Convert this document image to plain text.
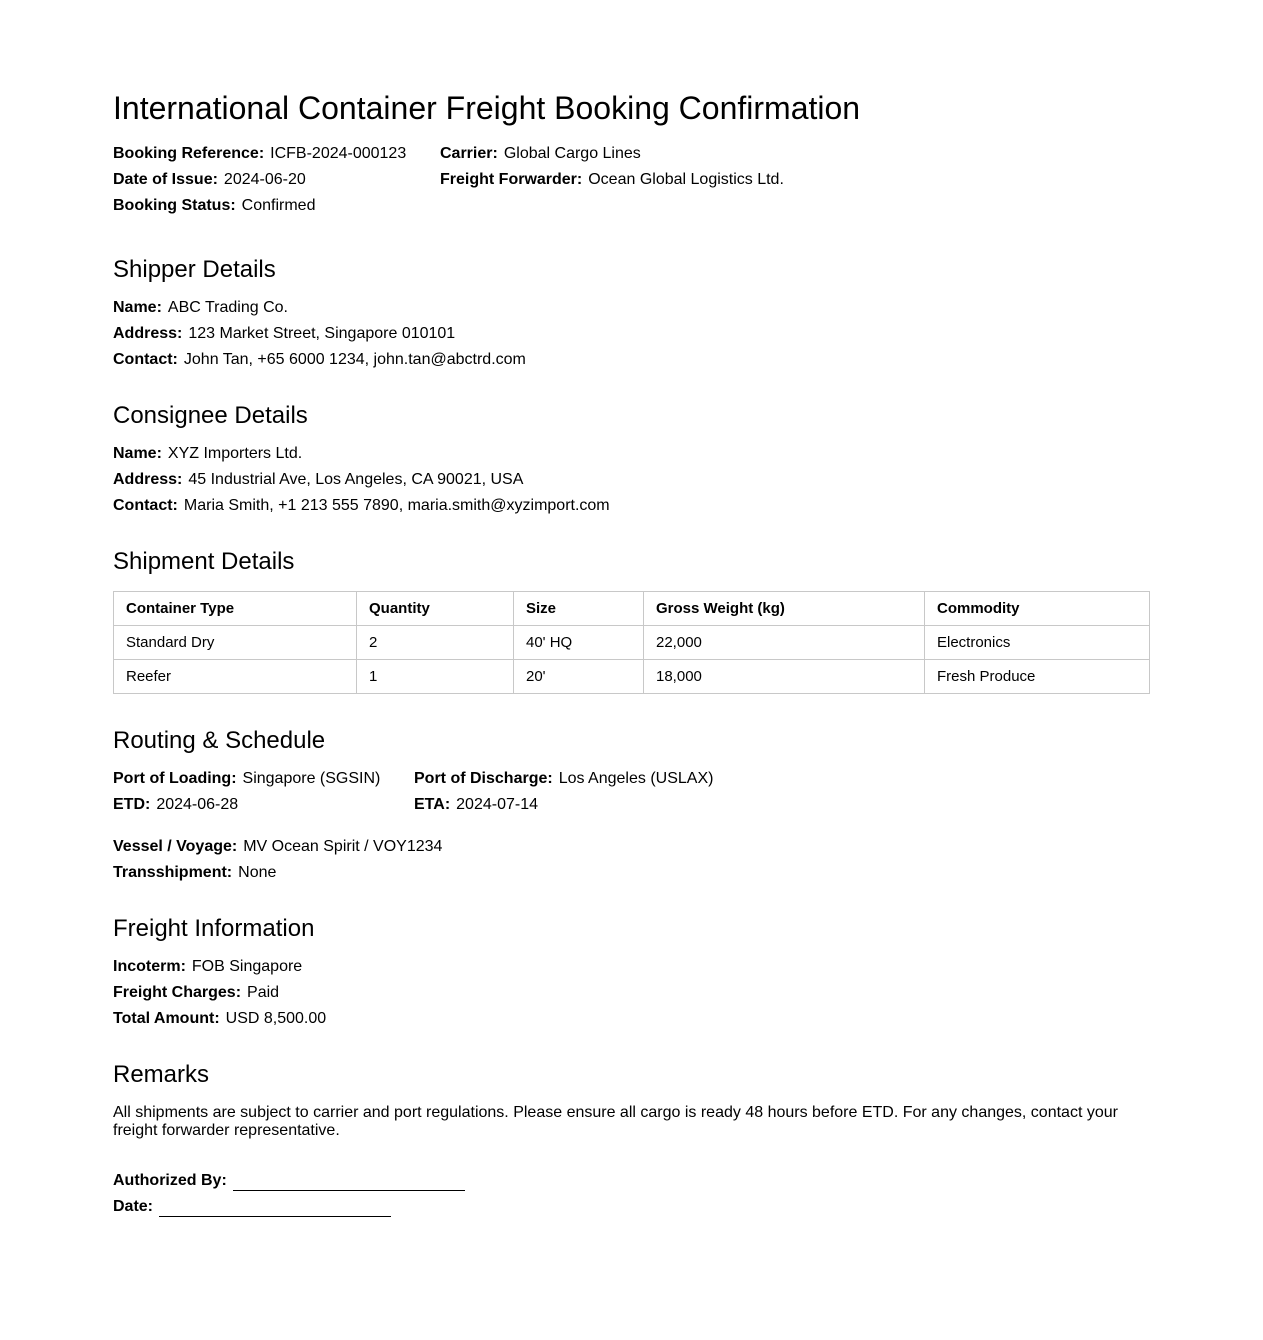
International Container Freight Booking Confirmation
Booking Reference: ICFB-2024-000123
Date of Issue: 2024-06-20
Booking Status: Confirmed
Carrier: Global Cargo Lines
Freight Forwarder: Ocean Global Logistics Ltd.
Shipper Details
Name: ABC Trading Co.
Address: 123 Market Street, Singapore 010101
Contact: John Tan, +65 6000 1234, john.tan@abctrd.com
Consignee Details
Name: XYZ Importers Ltd.
Address: 45 Industrial Ave, Los Angeles, CA 90021, USA
Contact: Maria Smith, +1 213 555 7890, maria.smith@xyzimport.com
Shipment Details
Container Type	Quantity	Size	Gross Weight (kg)	Commodity
Standard Dry	2	40' HQ	22,000	Electronics
Reefer	1	20'	18,000	Fresh Produce
Routing & Schedule
Port of Loading: Singapore (SGSIN)
ETD: 2024-06-28
Port of Discharge: Los Angeles (USLAX)
ETA: 2024-07-14
Vessel / Voyage: MV Ocean Spirit / VOY1234
Transshipment: None
Freight Information
Incoterm: FOB Singapore
Freight Charges: Paid
Total Amount: USD 8,500.00
Remarks
All shipments are subject to carrier and port regulations. Please ensure all cargo is ready 48 hours before ETD. For any changes, contact your freight forwarder representative.
Authorized By:
Date:
